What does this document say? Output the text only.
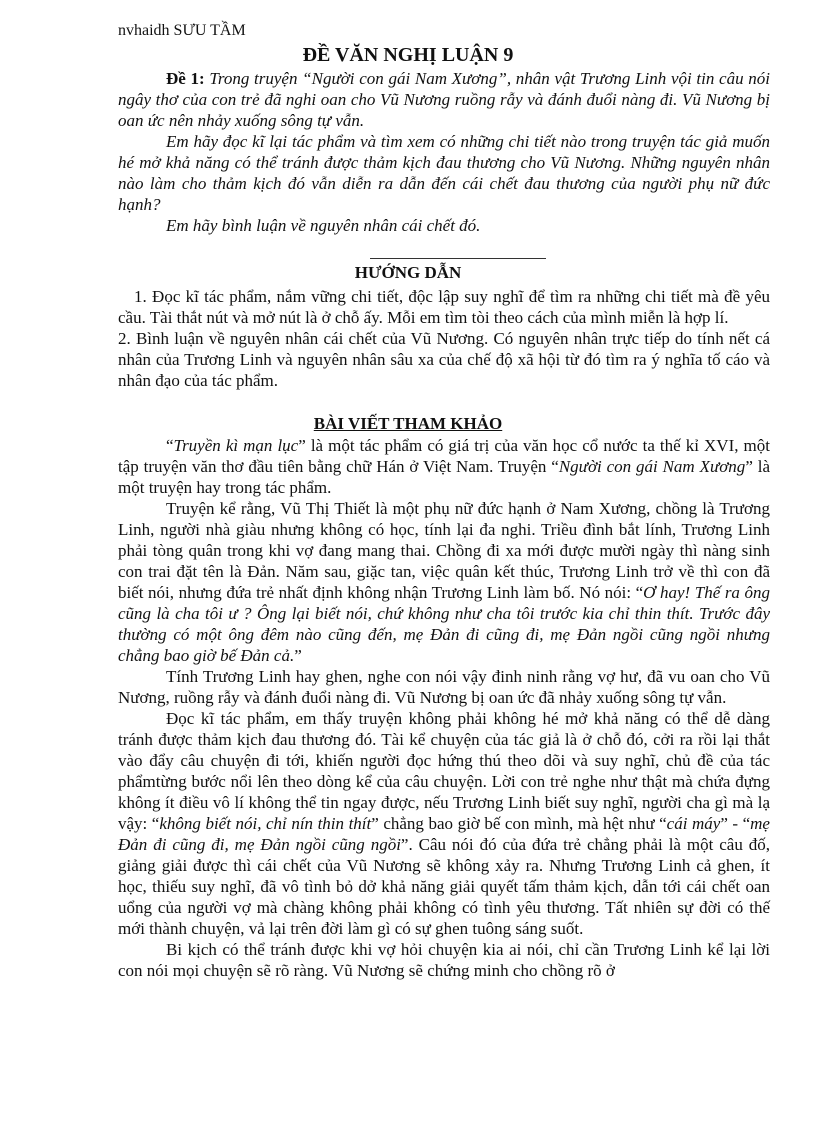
nvhaidh SƯU TẦM
ĐỀ VĂN NGHỊ LUẬN 9

Đề 1: Trong truyện “Người con gái Nam Xương”, nhân vật Trương Linh vội tin câu nói ngây thơ của con trẻ đã nghi oan cho Vũ Nương ruồng rẫy và đánh đuổi nàng đi. Vũ Nương bị oan ức nên nhảy xuống sông tự vẫn.

Em hãy đọc kĩ lại tác phẩm và tìm xem có những chi tiết nào trong truyện tác giả muốn hé mở khả năng có thể tránh được thảm kịch đau thương cho Vũ Nương. Những nguyên nhân nào làm cho thảm kịch đó vẫn diễn ra dẫn đến cái chết đau thương của người phụ nữ đức hạnh?

Em hãy bình luận về nguyên nhân cái chết đó.

HƯỚNG DẪN

1. Đọc kĩ tác phẩm, nắm vững chi tiết, độc lập suy nghĩ để tìm ra những chi tiết mà đề yêu cầu. Tài thắt nút và mở nút là ở chỗ ấy. Mỗi em tìm tòi theo cách của mình miễn là hợp lí.

2. Bình luận về nguyên nhân cái chết của Vũ Nương. Có nguyên nhân trực tiếp do tính nết cá nhân của Trương Linh và nguyên nhân sâu xa của chế độ xã hội từ đó tìm ra ý nghĩa tố cáo và nhân đạo của tác phẩm.

BÀI VIẾT THAM KHẢO

“Truyền kì mạn lục” là một tác phẩm có giá trị của văn học cổ nước ta thế kỉ XVI, một tập truyện văn thơ đầu tiên bằng chữ Hán ở Việt Nam. Truyện “Người con gái Nam Xương” là một truyện hay trong tác phẩm.

Truyện kể rằng, Vũ Thị Thiết là một phụ nữ đức hạnh ở Nam Xương, chồng là Trương Linh, người nhà giàu nhưng không có học, tính lại đa nghi. Triều đình bắt lính, Trương Linh phải tòng quân trong khi vợ đang mang thai. Chồng đi xa mới được mười ngày thì nàng sinh con trai đặt tên là Đản. Năm sau, giặc tan, việc quân kết thúc, Trương Linh trở về thì con đã biết nói, nhưng đứa trẻ nhất định không nhận Trương Linh làm bố. Nó nói: “Ơ hay! Thế ra ông cũng là cha tôi ư ? Ông lại biết nói, chứ không như cha tôi trước kia chỉ thin thít. Trước đây thường có một ông đêm nào cũng đến, mẹ Đản đi cũng đi, mẹ Đản ngồi cũng ngồi nhưng chẳng bao giờ bế Đản cả.”

Tính Trương Linh hay ghen, nghe con nói vậy đinh ninh rằng vợ hư, đã vu oan cho Vũ Nương, ruồng rẫy và đánh đuổi nàng đi. Vũ Nương bị oan ức đã nhảy xuống sông tự vẫn.

Đọc kĩ tác phẩm, em thấy truyện không phải không hé mở khả năng có thể dễ dàng tránh được thảm kịch đau thương đó. Tài kể chuyện của tác giả là ở chỗ đó, cởi ra rồi lại thắt vào đẩy câu chuyện đi tới, khiến người đọc hứng thú theo dõi và suy nghĩ, chủ đề của tác phẩmtừng bước nổi lên theo dòng kể của câu chuyện. Lời con trẻ nghe như thật mà chứa đựng không ít điều vô lí không thể tin ngay được, nếu Trương Linh biết suy nghĩ, người cha gì mà lạ vậy: “không biết nói, chỉ nín thin thít” chẳng bao giờ bế con mình, mà hệt như “cái máy” - “mẹ Đản đi cũng đi, mẹ Đản ngồi cũng ngồi”. Câu nói đó của đứa trẻ chẳng phải là một câu đố, giảng giải được thì cái chết của Vũ Nương sẽ không xảy ra. Nhưng Trương Linh cả ghen, ít học, thiếu suy nghĩ, đã vô tình bỏ dở khả năng giải quyết tấm thảm kịch, dẫn tới cái chết oan uổng của người vợ mà chàng không phải không có tình yêu thương. Tất nhiên sự đời có thế mới thành chuyện, vả lại trên đời làm gì có sự ghen tuông sáng suốt.

Bi kịch có thể tránh được khi vợ hỏi chuyện kia ai nói, chỉ cần Trương Linh kể lại lời con nói mọi chuyện sẽ rõ ràng. Vũ Nương sẽ chứng minh cho chồng rõ ở
